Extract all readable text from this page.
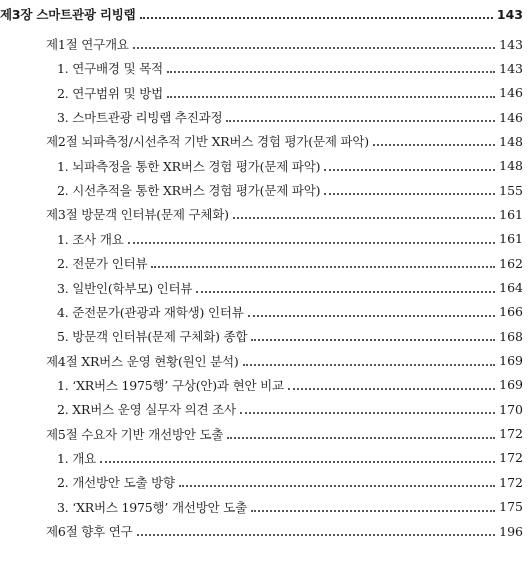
제3장 스마트관광 리빙랩	143
제1절 연구개요	143
1. 연구배경 및 목적	143
2. 연구범위 및 방법	146
3. 스마트관광 리빙랩 추진과정	146
제2절 뇌파측정/시선추적 기반 XR버스 경험 평가(문제 파악)	148
1. 뇌파측정을 통한 XR버스 경험 평가(문제 파악)	148
2. 시선추적을 통한 XR버스 경험 평가(문제 파악)	155
제3절 방문객 인터뷰(문제 구체화)	161
1. 조사 개요	161
2. 전문가 인터뷰	162
3. 일반인(학부모) 인터뷰	164
4. 준전문가(관광과 재학생) 인터뷰	166
5. 방문객 인터뷰(문제 구체화) 종합	168
제4절 XR버스 운영 현황(원인 분석)	169
1. ‘XR버스 1975행’ 구상(안)과 현안 비교	169
2. XR버스 운영 실무자 의견 조사	170
제5절 수요자 기반 개선방안 도출	172
1. 개요	172
2. 개선방안 도출 방향	172
3. ‘XR버스 1975행’ 개선방안 도출	175
제6절 향후 연구	196
